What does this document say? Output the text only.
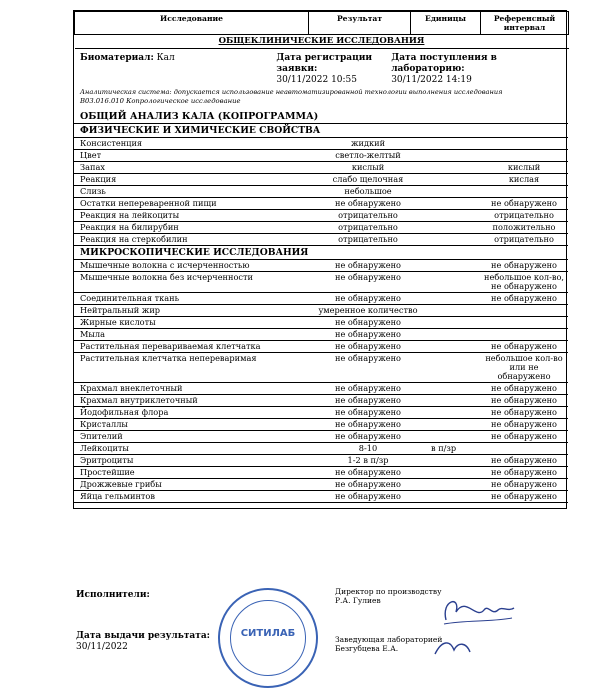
Исследование	Результат	Единицы	Референсный интервал
ОБЩЕКЛИНИЧЕСКИЕ ИССЛЕДОВАНИЯ
Биоматериал: Кал	Дата регистрации заявки:
30/11/2022 10:55
Дата поступления в лабораторию:
30/11/2022 14:19
Аналитическая система: допускается использование неавтоматизированной технологии выполнения исследования
B03.016.010 Копрологическое исследование
ОБЩИЙ АНАЛИЗ КАЛА (КОПРОГРАММА)
ФИЗИЧЕСКИЕ И ХИМИЧЕСКИЕ СВОЙСТВА			
Консистенция	жидкий		
Цвет	светло-желтый		
Запах	кислый		кислый
Реакция	слабо щелочная		кислая
Слизь	небольшое		
Остатки непереваренной пищи	не обнаружено		не обнаружено
Реакция на лейкоциты	отрицательно		отрицательно
Реакция на билирубин	отрицательно		положительно
Реакция на стеркобилин	отрицательно		отрицательно
МИКРОСКОПИЧЕСКИЕ ИССЛЕДОВАНИЯ			
Мышечные волокна с исчерченностью	не обнаружено		не обнаружено
Мышечные волокна без исчерченности	не обнаружено		небольшое кол-во, не обнаружено
Соединительная ткань	не обнаружено		не обнаружено
Нейтральный жир	умеренное количество		
Жирные кислоты	не обнаружено		
Мыла	не обнаружено		
Растительная перевариваемая клетчатка	не обнаружено		не обнаружено
Растительная клетчатка непереваримая	не обнаружено		небольшое кол-во или не обнаружено
Крахмал внеклеточный	не обнаружено		не обнаружено
Крахмал внутриклеточный	не обнаружено		не обнаружено
Йодофильная флора	не обнаружено		не обнаружено
Кристаллы	не обнаружено		не обнаружено
Эпителий	не обнаружено		не обнаружено
Лейкоциты	8-10	в п/зр	
Эритроциты	1-2 в п/зр		не обнаружено
Простейшие	не обнаружено		не обнаружено
Дрожжевые грибы	не обнаружено		не обнаружено
Яйца гельминтов	не обнаружено		не обнаружено
Исполнители:
Дата выдачи результата:
30/11/2022
СИТИЛАБ
Директор по производству
Р.А. Гулиев
Заведующая лабораторией
Безгубцева Е.А.
